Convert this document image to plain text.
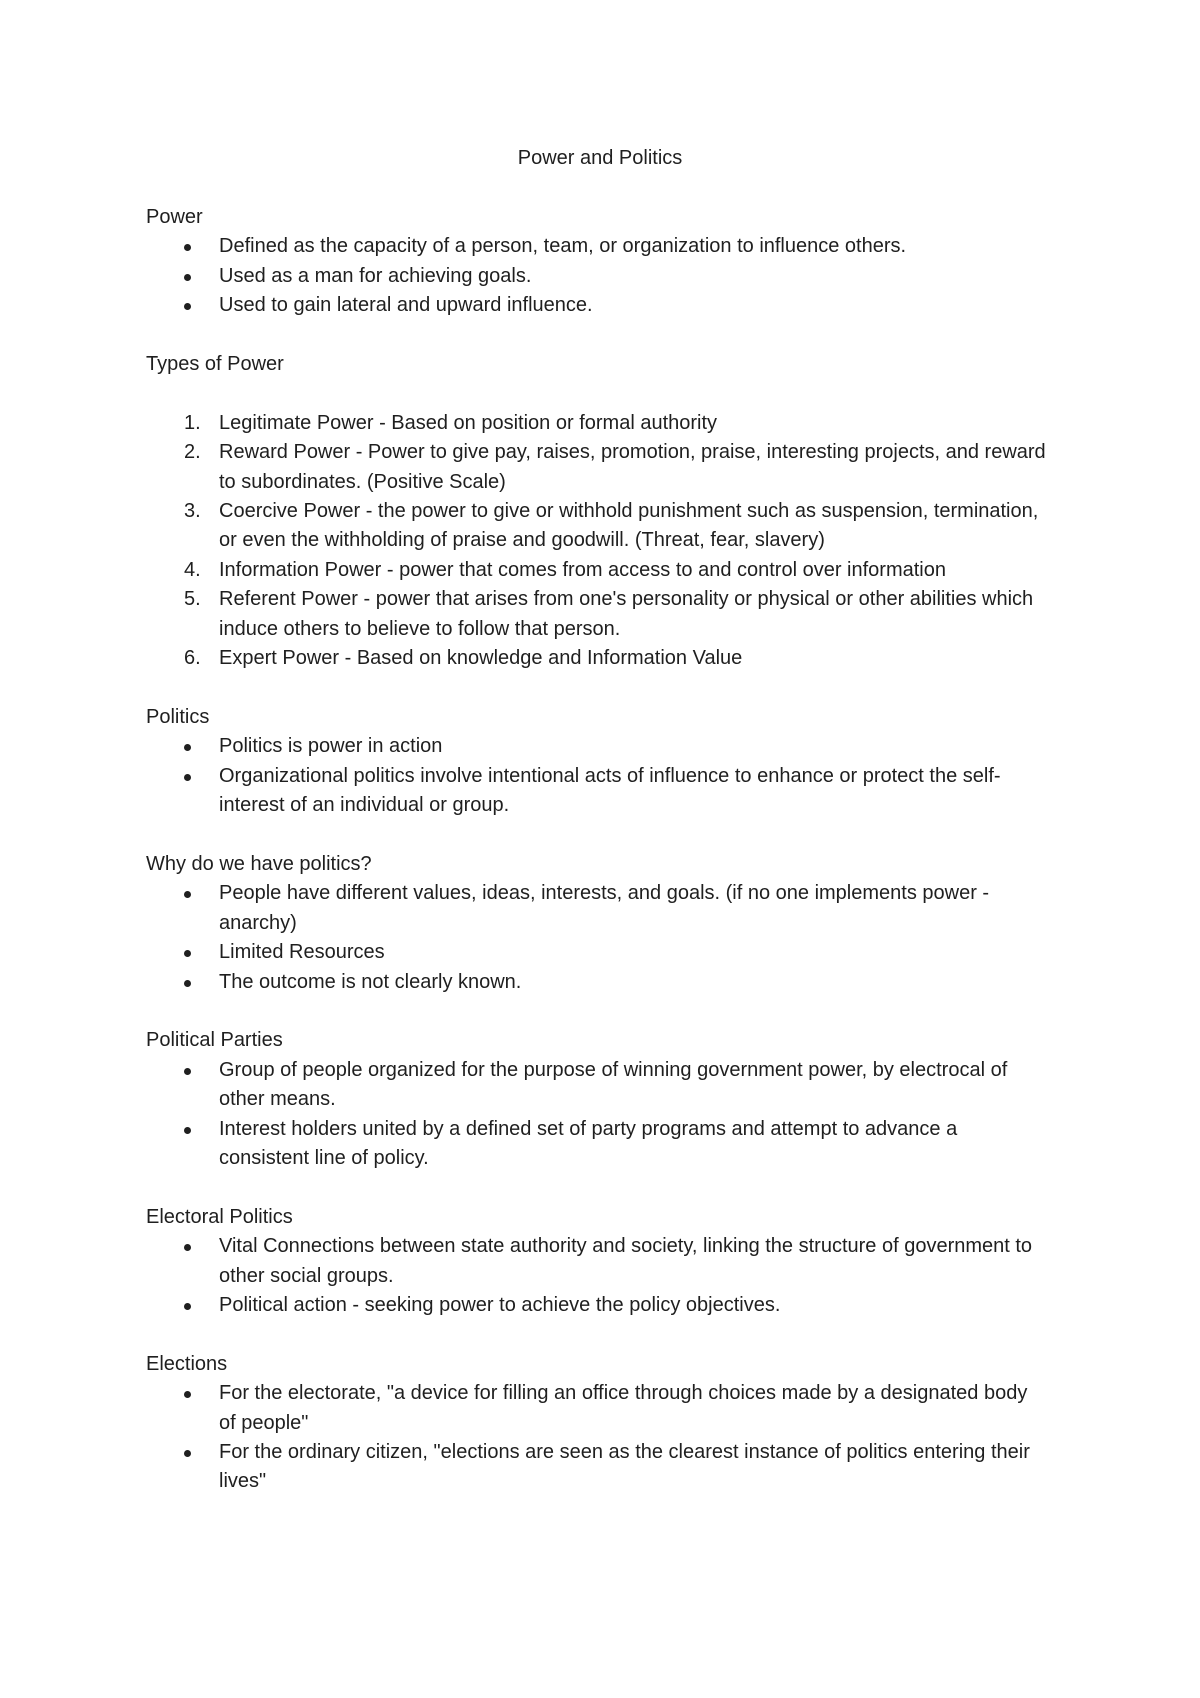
Power and Politics

Power

Defined as the capacity of a person, team, or organization to influence others.
Used as a man for achieving goals.
Used to gain lateral and upward influence.

Types of Power

1. Legitimate Power - Based on position or formal authority
2. Reward Power - Power to give pay, raises, promotion, praise, interesting projects, and reward to subordinates. (Positive Scale)
3. Coercive Power - the power to give or withhold punishment such as suspension, termination, or even the withholding of praise and goodwill. (Threat, fear, slavery)
4. Information Power - power that comes from access to and control over information
5. Referent Power - power that arises from one's personality or physical or other abilities which induce others to believe to follow that person.
6. Expert Power - Based on knowledge and Information Value

Politics

Politics is power in action
Organizational politics involve intentional acts of influence to enhance or protect the self-interest of an individual or group.

Why do we have politics?

People have different values, ideas, interests, and goals. (if no one implements power - anarchy)
Limited Resources
The outcome is not clearly known.

Political Parties

Group of people organized for the purpose of winning government power, by electrocal of other means.
Interest holders united by a defined set of party programs and attempt to advance a consistent line of policy.

Electoral Politics

Vital Connections between state authority and society, linking the structure of government to other social groups.
Political action - seeking power to achieve the policy objectives.

Elections

For the electorate, "a device for filling an office through choices made by a designated body of people"
For the ordinary citizen, "elections are seen as the clearest instance of politics entering their lives"
